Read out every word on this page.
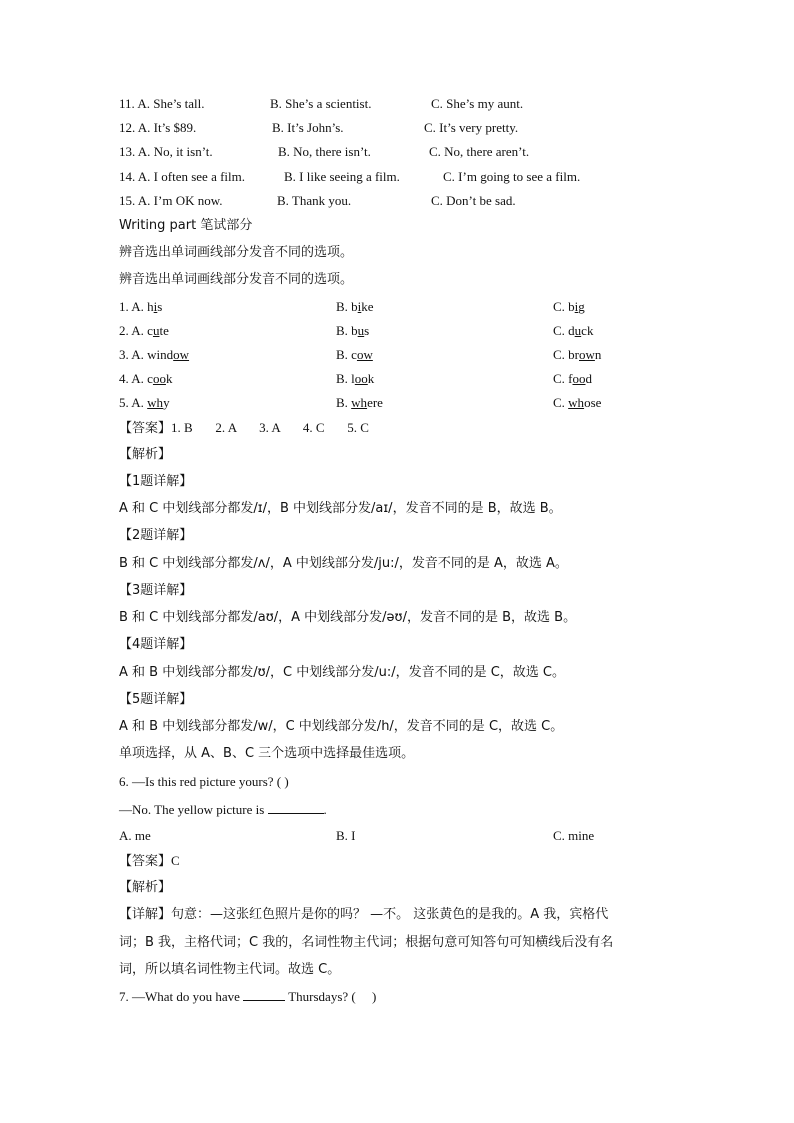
11. A. She’s tall.	B. She’s a scientist.	C. She’s my aunt.
12. A. It’s $89.	B. It’s John’s.	C. It’s very pretty.
13. A. No, it isn’t.	B. No, there isn’t.	C. No, there aren’t.
14. A. I often see a film.	B. I like seeing a film.	C. I’m going to see a film.
15. A. I’m OK now.	B. Thank you.	C. Don’t be sad.
Writing part 笔试部分
辨音选出单词画线部分发音不同的选项。
辨音选出单词画线部分发音不同的选项。
1. A. his	B. bike	C. big
2. A. cute	B. bus	C. duck
3. A. window	B. cow	C. brown
4. A. cook	B. look	C. food
5. A. why	B. where	C. whose
【答案】1. B       2. A       3. A       4. C       5. C
【解析】
【1题详解】
A 和 C 中划线部分都发/ɪ/，B 中划线部分发/aɪ/，发音不同的是 B，故选 B。
【2题详解】
B 和 C 中划线部分都发/ʌ/，A 中划线部分发/ju:/，发音不同的是 A，故选 A。
【3题详解】
B 和 C 中划线部分都发/aʊ/，A 中划线部分发/əʊ/，发音不同的是 B，故选 B。
【4题详解】
A 和 B 中划线部分都发/ʊ/，C 中划线部分发/u:/，发音不同的是 C，故选 C。
【5题详解】
A 和 B 中划线部分都发/w/，C 中划线部分发/h/，发音不同的是 C，故选 C。
单项选择，从 A、B、C 三个选项中选择最佳选项。
6. —Is this red picture yours? ( )
—No. The yellow picture is	.
A. me	B. I	C. mine
【答案】C
【解析】
【详解】句意：—这张红色照片是你的吗？ —不。 这张黄色的是我的。A 我，宾格代
词；B 我，主格代词；C 我的，名词性物主代词；根据句意可知答句可知横线后没有名
词，所以填名词性物主代词。故选 C。
7. —What do you have	Thursdays? (     )
